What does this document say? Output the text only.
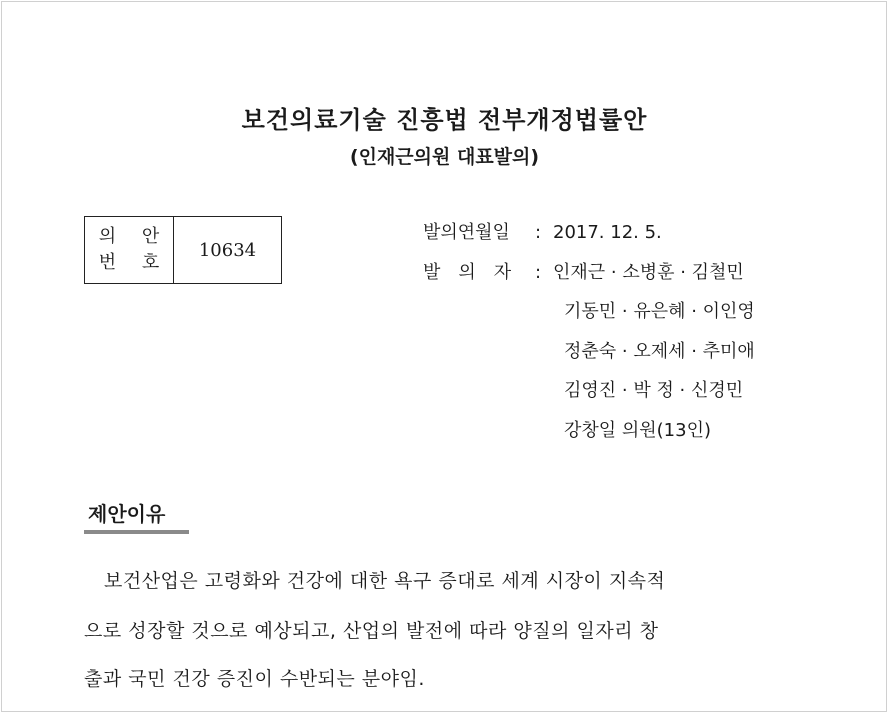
보건의료기술 진흥법 전부개정법률안
(인재근의원 대표발의)
의 안
번 호
10634
발의연월일 : 2017. 12. 5.
발의자 : 인재근 · 소병훈 · 김철민
기동민 · 유은혜 · 이인영
정춘숙 · 오제세 · 추미애
김영진 · 박 정 · 신경민
강창일 의원(13인)
제안이유
보건산업은 고령화와 건강에 대한 욕구 증대로 세계 시장이 지속적
으로 성장할 것으로 예상되고, 산업의 발전에 따라 양질의 일자리 창
출과 국민 건강 증진이 수반되는 분야임.
